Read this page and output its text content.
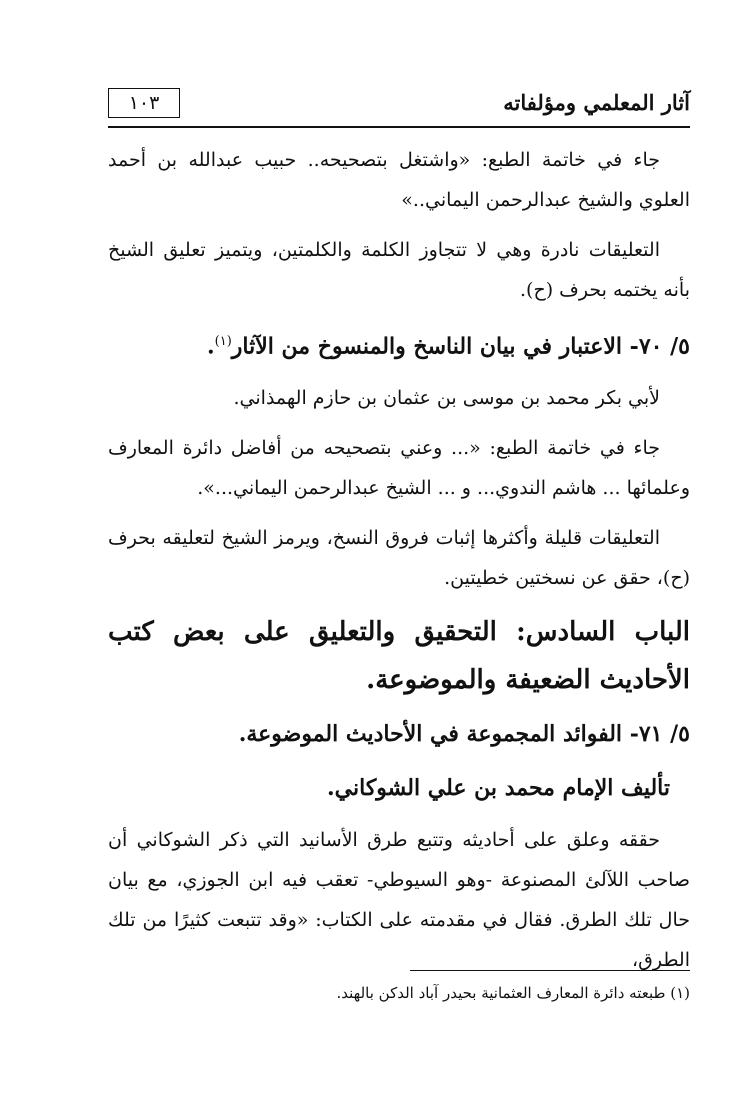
آثار المعلمي ومؤلفاته
١٠٣

جاء في خاتمة الطبع: «واشتغل بتصحيحه.. حبيب عبدالله بن أحمد العلوي والشيخ عبدالرحمن اليماني..»

التعليقات نادرة وهي لا تتجاوز الكلمة والكلمتين، ويتميز تعليق الشيخ بأنه يختمه بحرف (ح).

٥/ ٧٠- الاعتبار في بيان الناسخ والمنسوخ من الآثار$^{(١)}$.

لأبي بكر محمد بن موسى بن عثمان بن حازم الهمذاني.

جاء في خاتمة الطبع: «... وعني بتصحيحه من أفاضل دائرة المعارف وعلمائها ... هاشم الندوي... و ... الشيخ عبدالرحمن اليماني...».

التعليقات قليلة وأكثرها إثبات فروق النسخ، ويرمز الشيخ لتعليقه بحرف (ح)، حقق عن نسختين خطيتين.

الباب السادس: التحقيق والتعليق على بعض كتب الأحاديث الضعيفة والموضوعة.
٥/ ٧١- الفوائد المجموعة في الأحاديث الموضوعة.
تأليف الإمام محمد بن علي الشوكاني.

حققه وعلق على أحاديثه وتتبع طرق الأسانيد التي ذكر الشوكاني أن صاحب اللآلئ المصنوعة -وهو السيوطي- تعقب فيه ابن الجوزي، مع بيان حال تلك الطرق. فقال في مقدمته على الكتاب: «وقد تتبعت كثيرًا من تلك الطرق،

(١) طبعته دائرة المعارف العثمانية بحيدر آباد الدكن بالهند.
